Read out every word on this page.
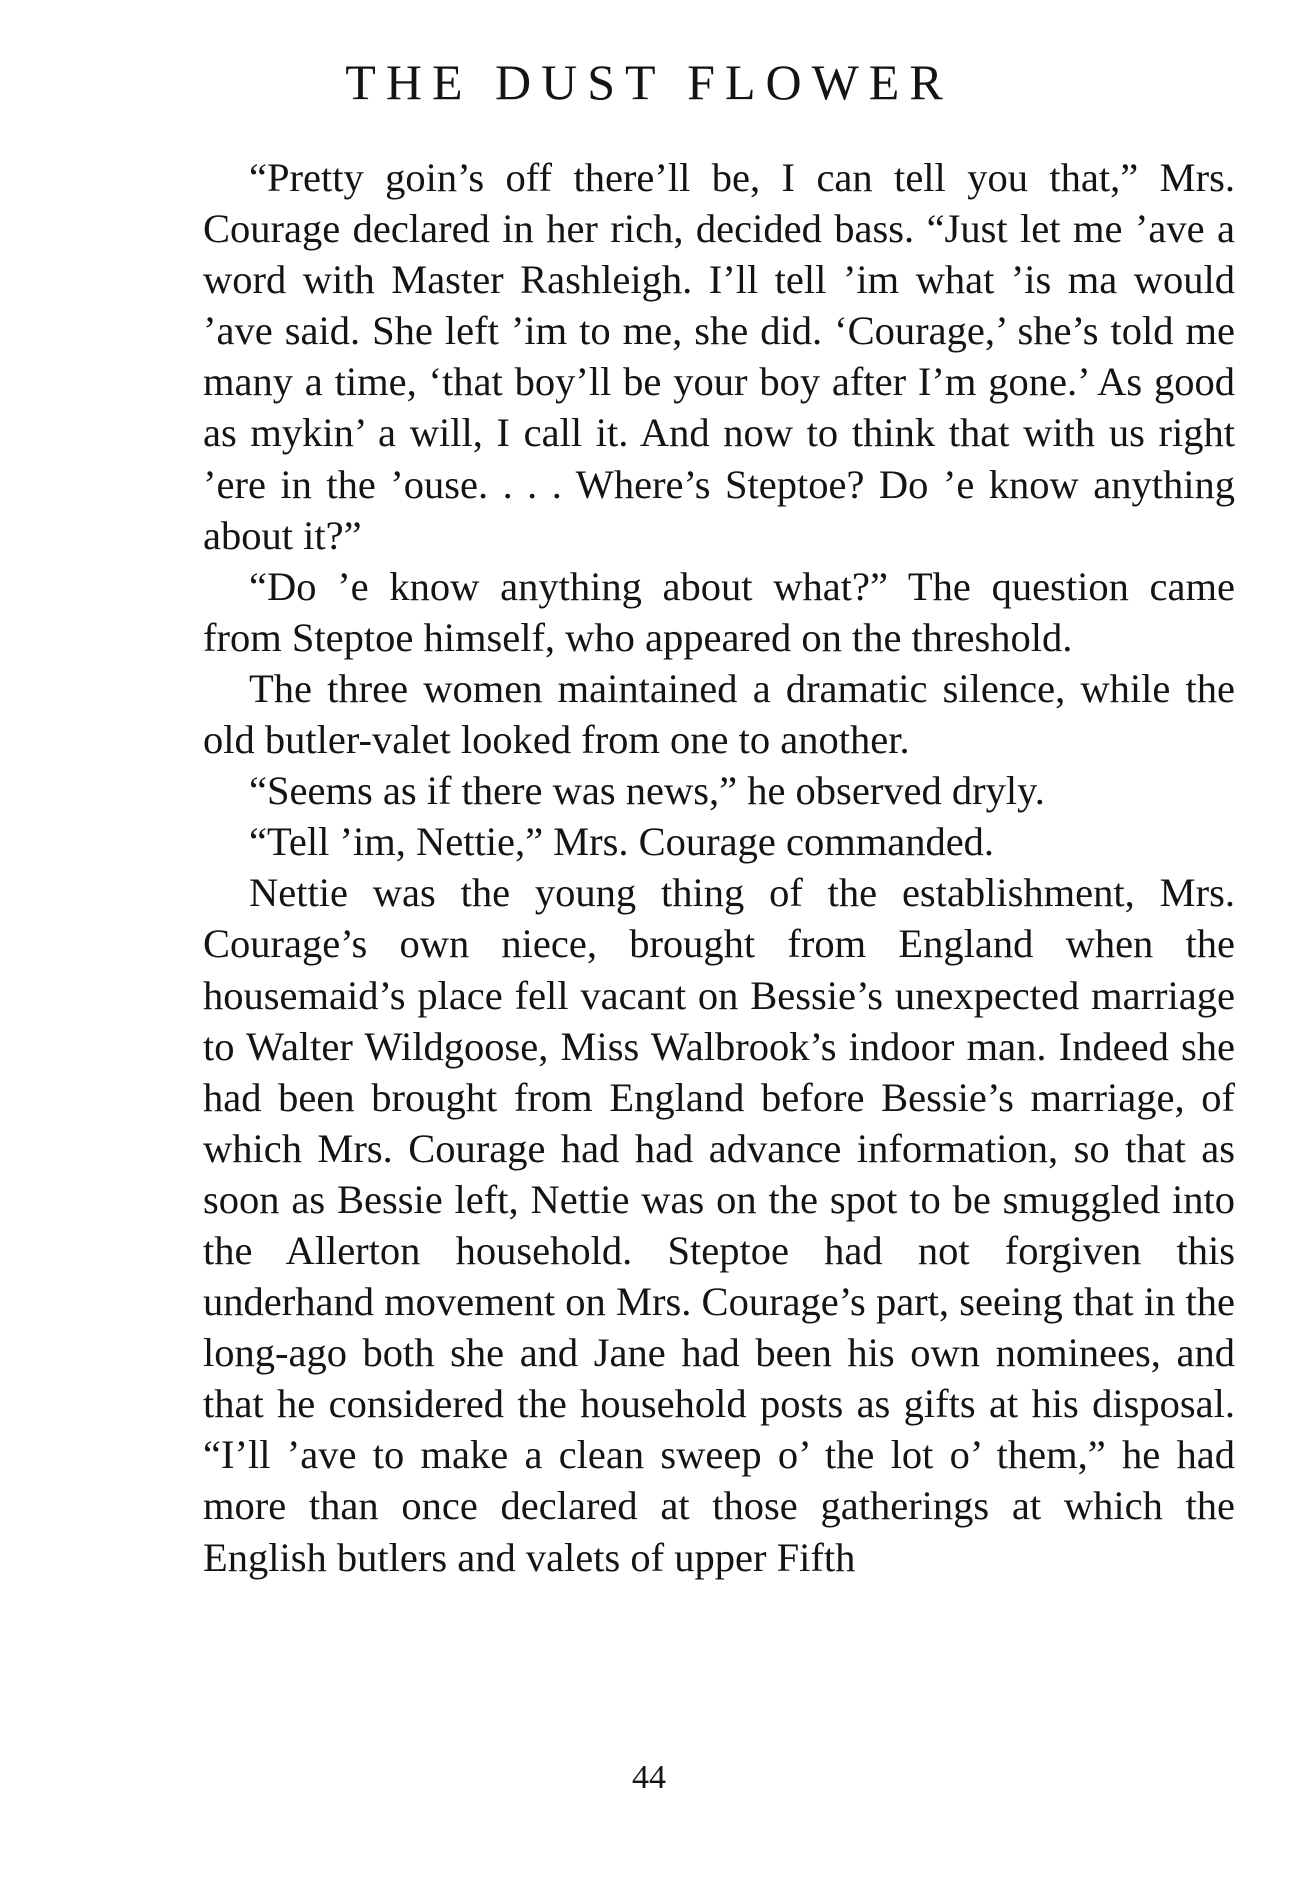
THE DUST FLOWER

“Pretty goin’s off there’ll be, I can tell you that,” Mrs. Courage declared in her rich, decided bass. “Just let me ’ave a word with Master Rashleigh. I’ll tell ’im what ’is ma would ’ave said. She left ’im to me, she did. ‘Courage,’ she’s told me many a time, ‘that boy’ll be your boy after I’m gone.’ As good as mykin’ a will, I call it. And now to think that with us right ’ere in the ’ouse. . . . Where’s Steptoe? Do ’e know anything about it?”

“Do ’e know anything about what?” The question came from Steptoe himself, who appeared on the threshold.

The three women maintained a dramatic silence, while the old butler-valet looked from one to another.

“Seems as if there was news,” he observed dryly.

“Tell ’im, Nettie,” Mrs. Courage commanded.

Nettie was the young thing of the establishment, Mrs. Courage’s own niece, brought from England when the housemaid’s place fell vacant on Bessie’s unexpected marriage to Walter Wildgoose, Miss Walbrook’s indoor man. Indeed she had been brought from England before Bessie’s marriage, of which Mrs. Courage had had advance information, so that as soon as Bessie left, Nettie was on the spot to be smuggled into the Allerton household. Steptoe had not forgiven this underhand movement on Mrs. Courage’s part, seeing that in the long-ago both she and Jane had been his own nominees, and that he considered the household posts as gifts at his disposal. “I’ll ’ave to make a clean sweep o’ the lot o’ them,” he had more than once declared at those gatherings at which the English butlers and valets of upper Fifth

44
